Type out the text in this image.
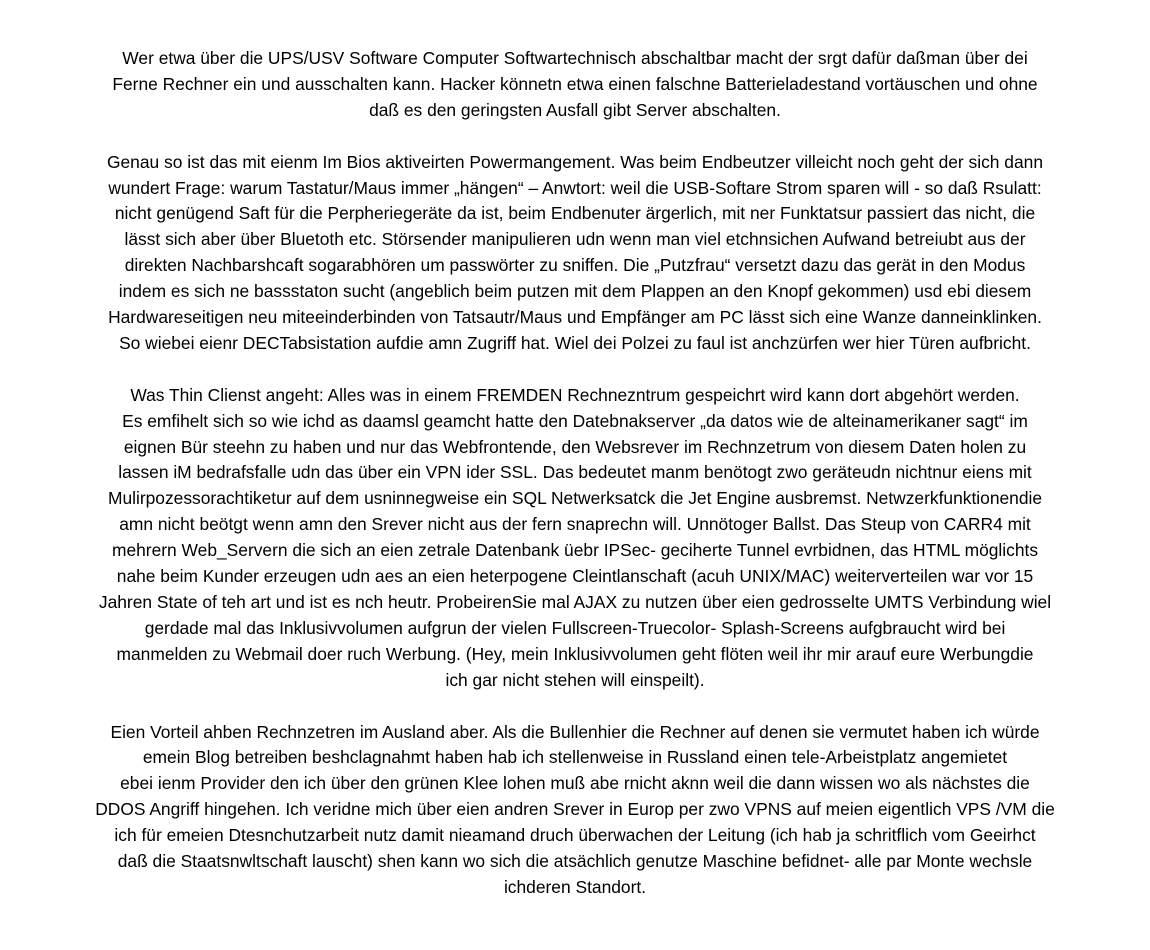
Wer etwa über die UPS/USV Software Computer Softwartechnisch abschaltbar macht der srgt dafür daßman über dei
Ferne Rechner ein und ausschalten kann. Hacker könnetn etwa einen falschne Batterieladestand vortäuschen und ohne
daß es den geringsten Ausfall gibt Server abschalten.

Genau so ist das mit eienm Im Bios aktiveirten Powermangement. Was beim Endbeutzer villeicht noch geht der sich dann
wundert Frage: warum Tastatur/Maus immer „hängen“ – Anwtort: weil die USB-Softare Strom sparen will - so daß Rsulatt:
nicht genügend Saft für die Perpheriegeräte da ist, beim Endbenuter ärgerlich, mit ner Funktatsur passiert das nicht, die
lässt sich aber über Bluetoth etc. Störsender manipulieren udn wenn man viel etchnsichen Aufwand betreiubt aus der
direkten Nachbarshcaft sogarabhören um passwörter zu sniffen. Die „Putzfrau“ versetzt dazu das gerät in den Modus
indem es sich ne bassstaton sucht (angeblich beim putzen mit dem Plappen an den Knopf gekommen) usd ebi diesem
Hardwareseitigen neu miteeinderbinden von Tatsautr/Maus und Empfänger am PC lässt sich eine Wanze danneinklinken.
So wiebei eienr DECTabsistation aufdie amn Zugriff hat. Wiel dei Polzei zu faul ist anchzürfen wer hier Türen aufbricht.

Was Thin Clienst angeht: Alles was in einem FREMDEN Rechnezntrum gespeichrt wird kann dort abgehört werden.
Es emfihelt sich so wie ichd as daamsl geamcht hatte den Datebnakserver „da datos wie de alteinamerikaner sagt“ im
eignen Bür steehn zu haben und nur das Webfrontende, den Websrever im Rechnzetrum von diesem Daten holen zu
lassen iM bedrafsfalle udn das über ein VPN ider SSL. Das bedeutet manm benötogt zwo geräteudn nichtnur eiens mit
Mulirpozessorachtiketur auf dem usninnegweise ein SQL Netwerksatck die Jet Engine ausbremst. Netwzerkfunktionendie
amn nicht beötgt wenn amn den Srever nicht aus der fern snaprechn will. Unnötoger Ballst. Das Steup von CARR4 mit
mehrern Web_Servern die sich an eien zetrale Datenbank üebr IPSec- geciherte Tunnel evrbidnen, das HTML möglichts
nahe beim Kunder erzeugen udn aes an eien heterpogene Cleintlanschaft (acuh UNIX/MAC) weiterverteilen war vor 15
Jahren State of teh art und ist es nch heutr. ProbeirenSie mal AJAX zu nutzen über eien gedrosselte UMTS Verbindung wiel
gerdade mal das Inklusivvolumen aufgrun der vielen Fullscreen-Truecolor- Splash-Screens aufgbraucht wird bei
manmelden zu Webmail doer ruch Werbung. (Hey, mein Inklusivvolumen geht flöten weil ihr mir arauf eure Werbungdie
ich gar nicht stehen will einspeilt).

Eien Vorteil ahben Rechnzetren im Ausland aber. Als die Bullenhier die Rechner auf denen sie vermutet haben ich würde
emein Blog betreiben beshclagnahmt haben hab ich stellenweise in Russland einen tele-Arbeistplatz angemietet
ebei ienm Provider den ich über den grünen Klee lohen muß abe rnicht aknn weil die dann wissen wo als nächstes die
DDOS Angriff hingehen. Ich veridne mich über eien andren Srever in Europ per zwo VPNS auf meien eigentlich VPS /VM die
ich für emeien Dtesnchutzarbeit nutz damit nieamand druch überwachen der Leitung (ich hab ja schritflich vom Geeirhct
daß die Staatsnwltschaft lauscht) shen kann wo sich die atsächlich genutze Maschine befidnet- alle par Monte wechsle
ichderen Standort.
